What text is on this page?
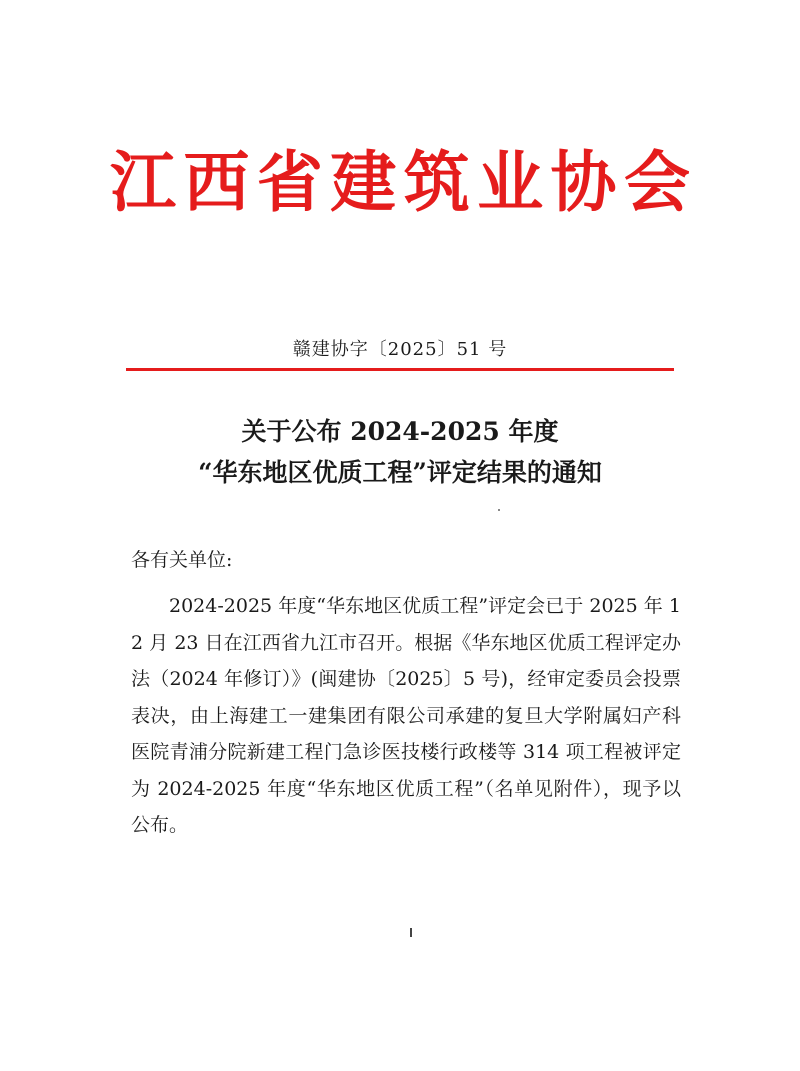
江 西 省 建 筑 业 协 会
赣建协字〔2025〕51 号
关于公布 2024-2025 年度
“华东地区优质工程”评定结果的通知
各有关单位:
2024-2025 年度“华东地区优质工程”评定会已于 2025 年 12 月 23 日在江西省九江市召开。根据《华东地区优质工程评定办法（2024 年修订）》(闽建协〔2025〕5 号)，经审定委员会投票表决，由上海建工一建集团有限公司承建的复旦大学附属妇产科医院青浦分院新建工程门急诊医技楼行政楼等 314 项工程被评定为 2024-2025 年度“华东地区优质工程”（名单见附件），现予以公布。
